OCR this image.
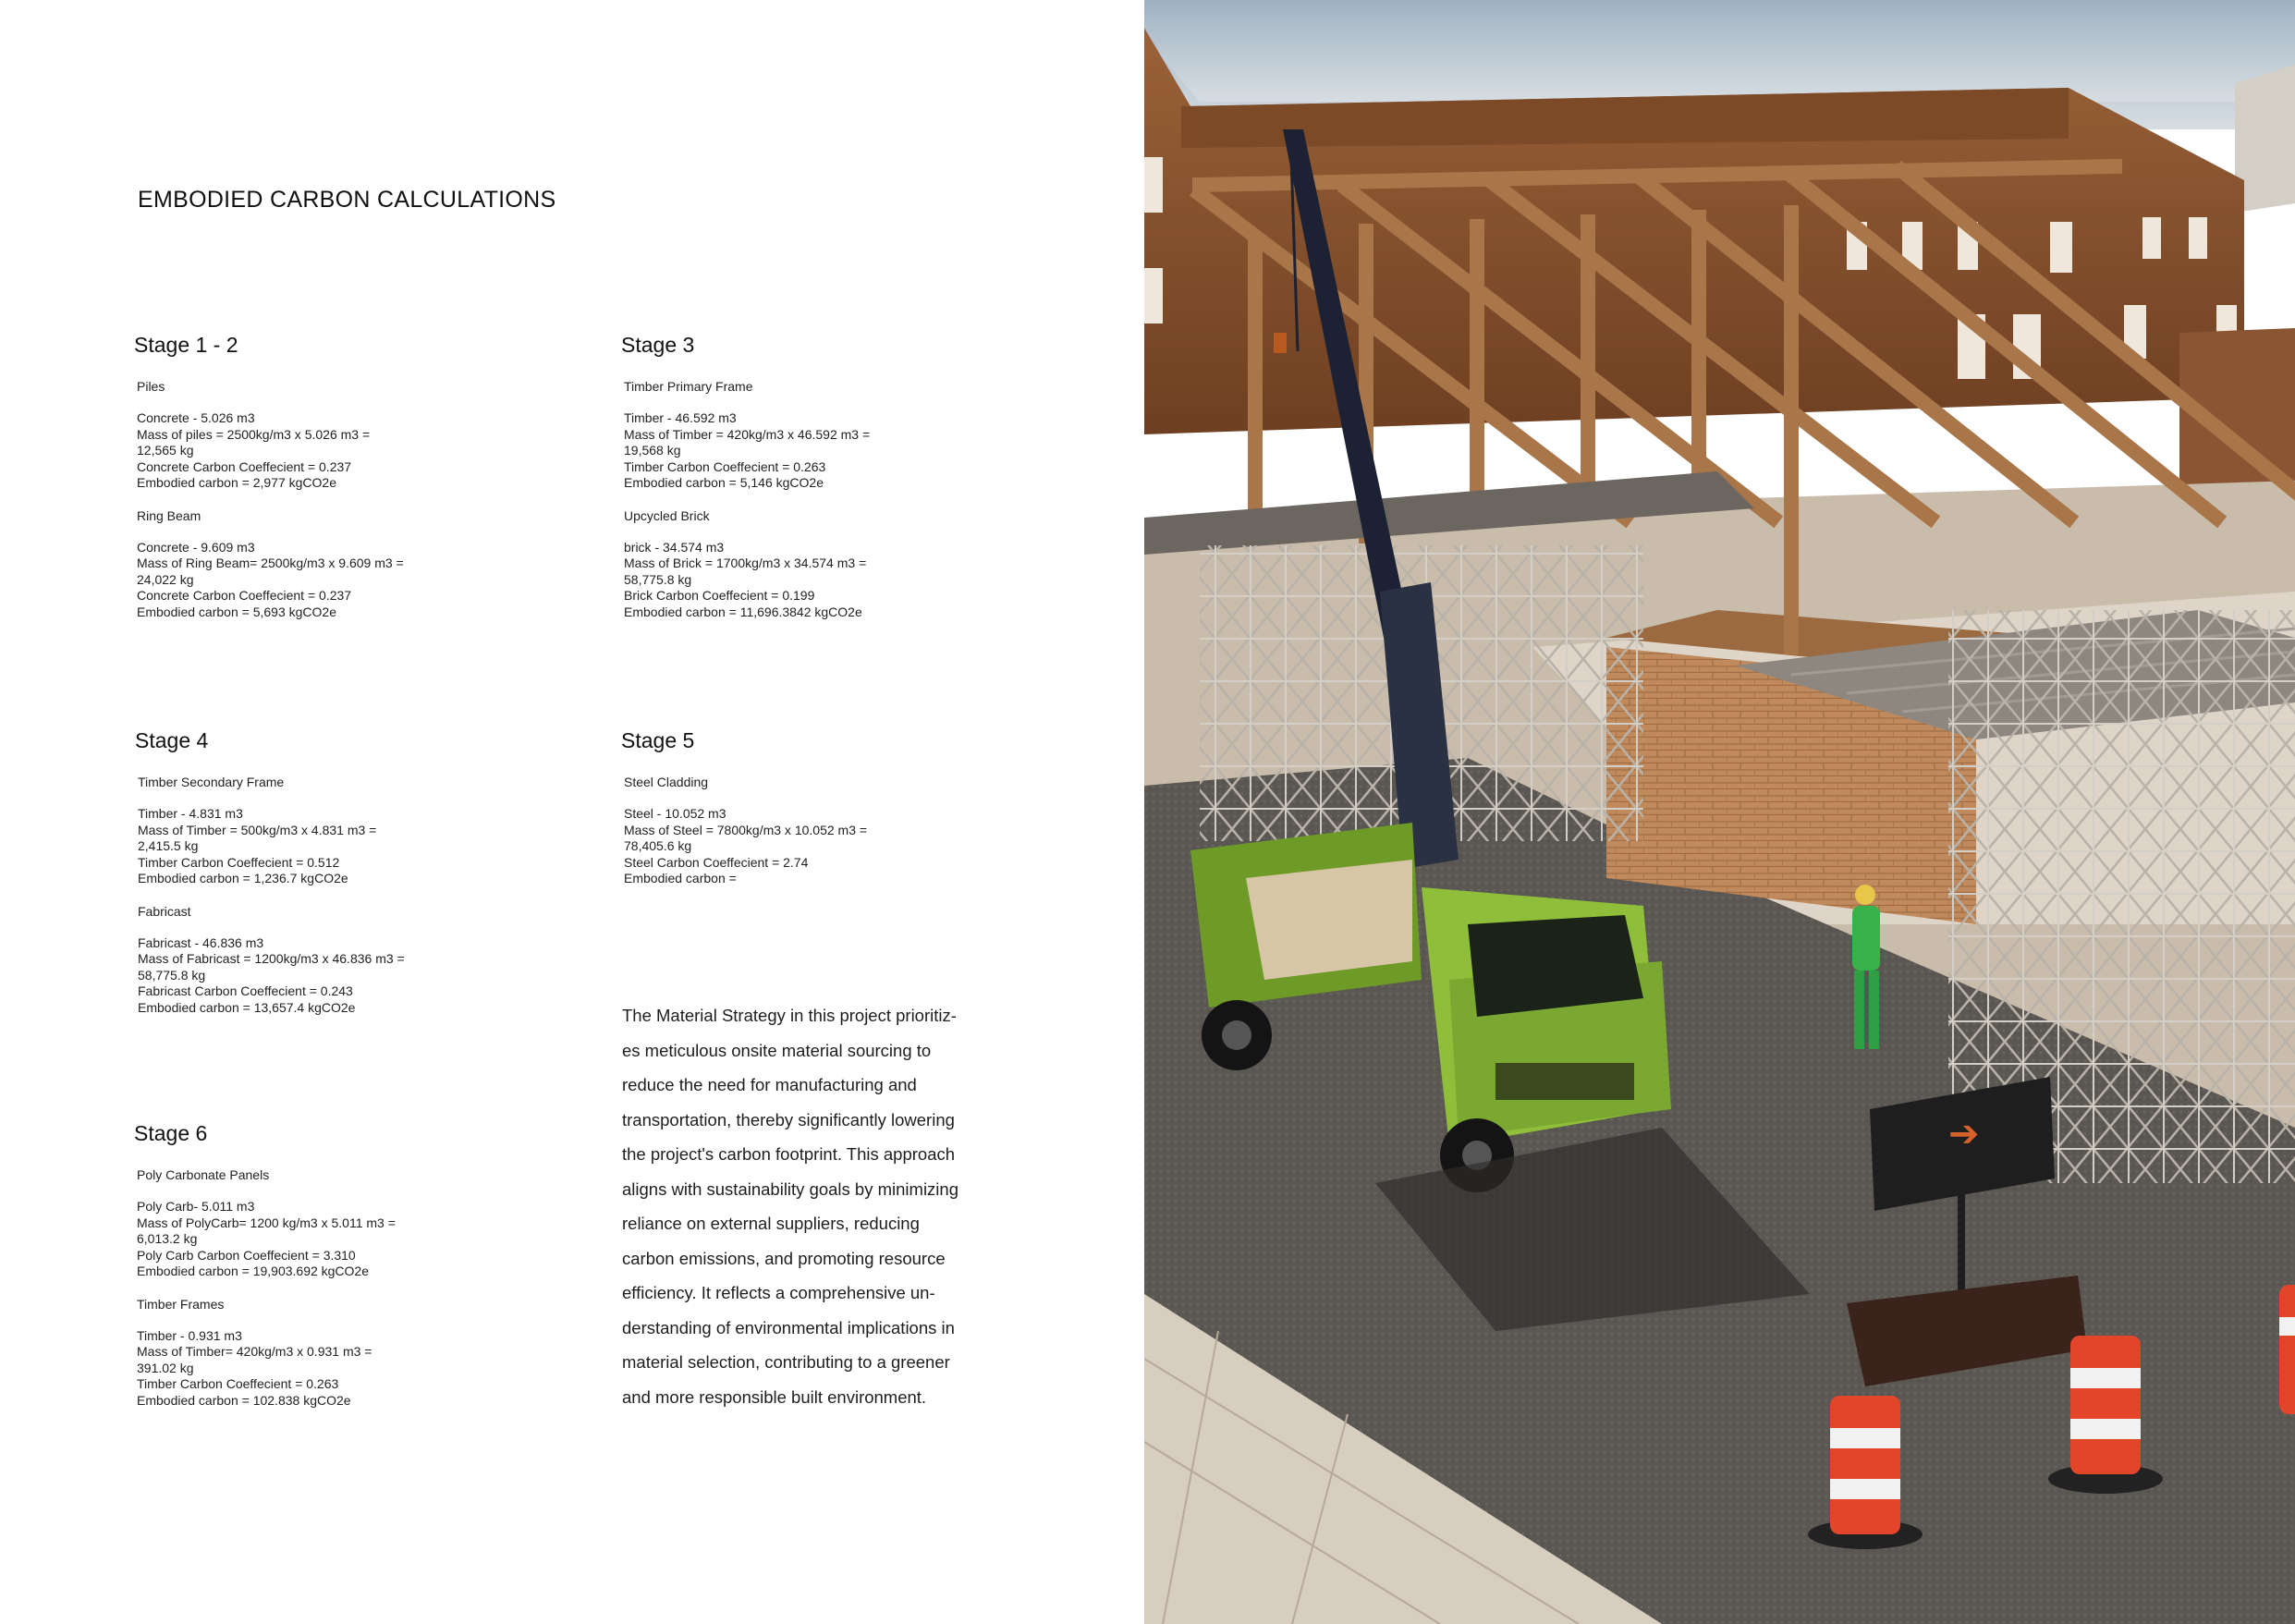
EMBODIED CARBON CALCULATIONS
Stage 1 - 2
Piles
Concrete - 5.026 m3
Mass of piles = 2500kg/m3 x 5.026 m3 =
12,565 kg
Concrete Carbon Coeffecient = 0.237
Embodied carbon = 2,977 kgCO2e
Ring Beam
Concrete - 9.609 m3
Mass of Ring Beam= 2500kg/m3 x 9.609 m3 =
24,022 kg
Concrete Carbon Coeffecient = 0.237
Embodied carbon = 5,693 kgCO2e
Stage 3
Timber Primary Frame
Timber - 46.592 m3
Mass of Timber = 420kg/m3 x 46.592 m3 =
19,568 kg
Timber Carbon Coeffecient = 0.263
Embodied carbon = 5,146 kgCO2e
Upcycled Brick
brick - 34.574 m3
Mass of Brick = 1700kg/m3 x 34.574 m3 =
58,775.8 kg
Brick Carbon Coeffecient = 0.199
Embodied carbon = 11,696.3842 kgCO2e
Stage 4
Timber Secondary Frame
Timber - 4.831 m3
Mass of Timber = 500kg/m3 x 4.831 m3 =
2,415.5 kg
Timber Carbon Coeffecient = 0.512
Embodied carbon = 1,236.7 kgCO2e
Fabricast
Fabricast - 46.836 m3
Mass of Fabricast = 1200kg/m3 x 46.836 m3 =
58,775.8 kg
Fabricast Carbon Coeffecient = 0.243
Embodied carbon = 13,657.4 kgCO2e
Stage 5
Steel Cladding
Steel - 10.052 m3
Mass of Steel = 7800kg/m3 x 10.052 m3 =
78,405.6 kg
Steel Carbon Coeffecient = 2.74
Embodied carbon =
Stage 6
Poly Carbonate Panels
Poly Carb- 5.011 m3
Mass of PolyCarb= 1200 kg/m3 x 5.011 m3 =
6,013.2 kg
Poly Carb Carbon Coeffecient = 3.310
Embodied carbon = 19,903.692 kgCO2e
Timber Frames
Timber - 0.931 m3
Mass of Timber= 420kg/m3 x 0.931 m3 =
391.02 kg
Timber Carbon Coeffecient = 0.263
Embodied carbon = 102.838 kgCO2e
The Material Strategy in this project prioritiz-
es meticulous onsite material sourcing to
reduce the need for manufacturing and
transportation, thereby significantly lowering
the project's carbon footprint. This approach
aligns with sustainability goals by minimizing
reliance on external suppliers, reducing
carbon emissions, and promoting resource
efficiency. It reflects a comprehensive un-
derstanding of environmental implications in
material selection, contributing to a greener
and more responsible built environment.
➔
